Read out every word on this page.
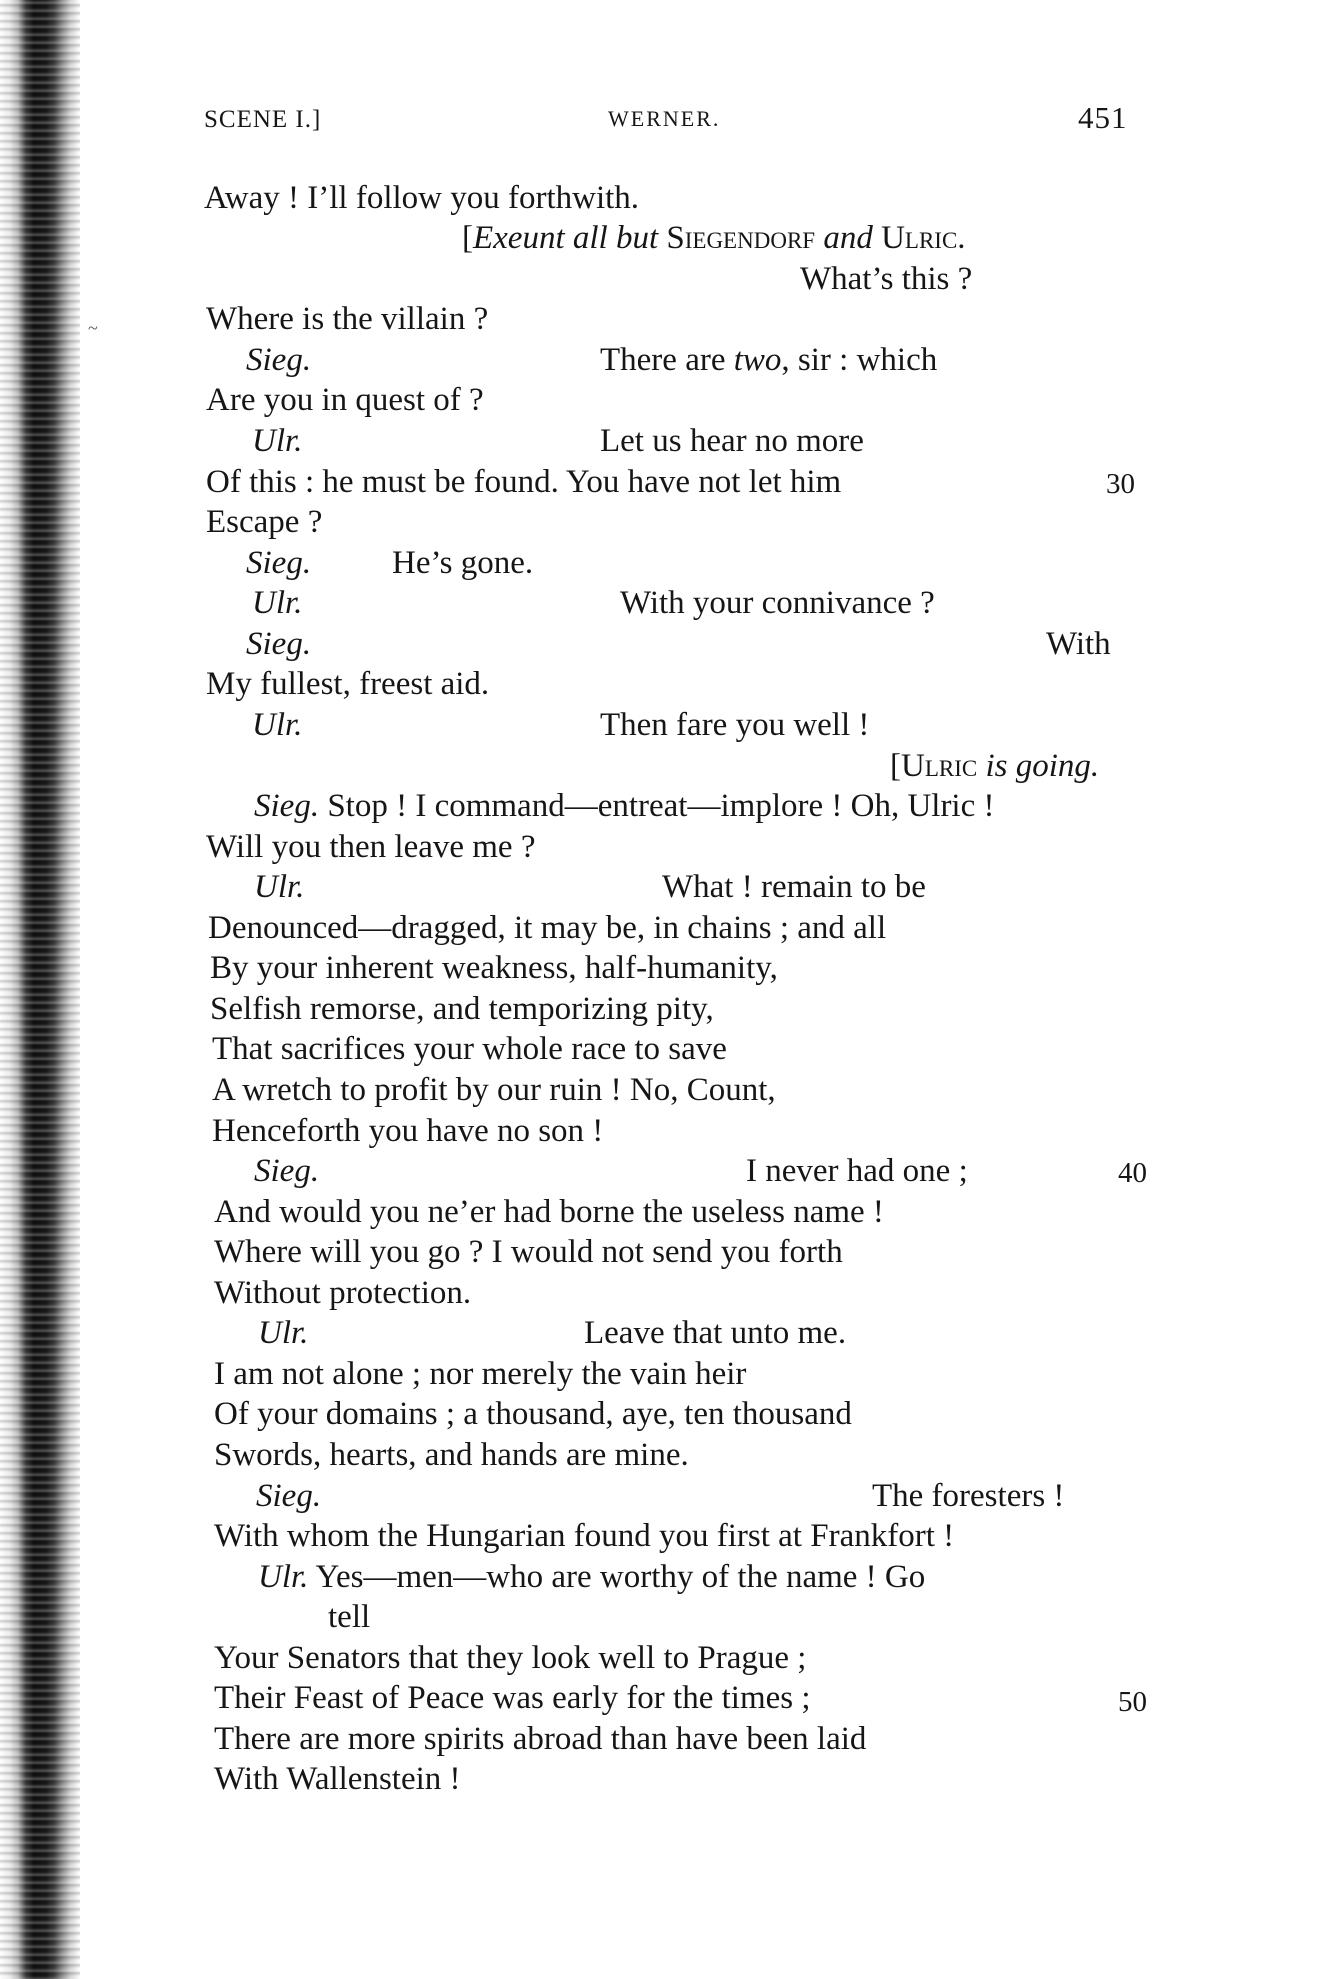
~
SCENE I.]	WERNER.	451
Away ! I’ll follow you forthwith.
[Exeunt all but Siegendorf and Ulric.
What’s this ?
Where is the villain ?
Sieg.	There are two, sir : which
Are you in quest of ?
Ulr.	Let us hear no more
Of this : he must be found. You have not let him	30
Escape ?
Sieg. He’s gone.
Ulr.	With your connivance ?
Sieg.	With
My fullest, freest aid.
Ulr.	Then fare you well !
[Ulric is going.
Sieg. Stop ! I command—entreat—implore ! Oh, Ulric !
Will you then leave me ?
Ulr.	What ! remain to be
Denounced—dragged, it may be, in chains ; and all
By your inherent weakness, half-humanity,
Selfish remorse, and temporizing pity,
That sacrifices your whole race to save
A wretch to profit by our ruin ! No, Count,
Henceforth you have no son !
Sieg.	I never had one ;	40
And would you ne’er had borne the useless name !
Where will you go ? I would not send you forth
Without protection.
Ulr.	Leave that unto me.
I am not alone ; nor merely the vain heir
Of your domains ; a thousand, aye, ten thousand
Swords, hearts, and hands are mine.
Sieg.	The foresters !
With whom the Hungarian found you first at Frankfort !
Ulr. Yes—men—who are worthy of the name ! Go
tell
Your Senators that they look well to Prague ;
Their Feast of Peace was early for the times ;	50
There are more spirits abroad than have been laid
With Wallenstein !
